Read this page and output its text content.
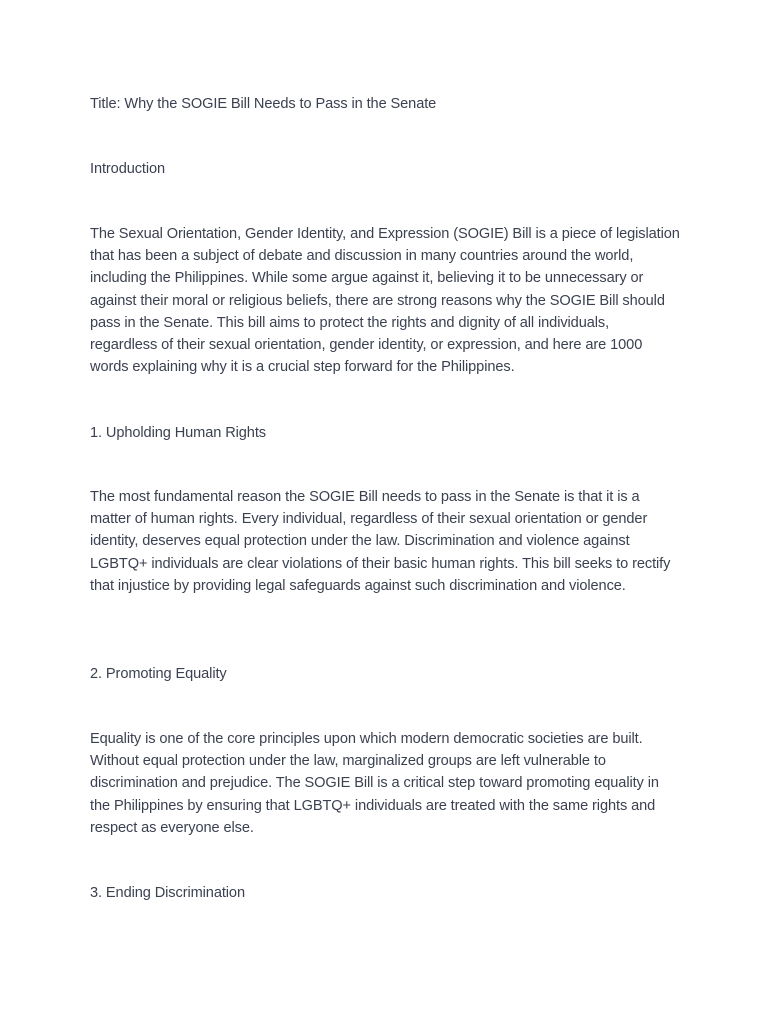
Title: Why the SOGIE Bill Needs to Pass in the Senate

Introduction

The Sexual Orientation, Gender Identity, and Expression (SOGIE) Bill is a piece of legislation that has been a subject of debate and discussion in many countries around the world, including the Philippines. While some argue against it, believing it to be unnecessary or against their moral or religious beliefs, there are strong reasons why the SOGIE Bill should pass in the Senate. This bill aims to protect the rights and dignity of all individuals, regardless of their sexual orientation, gender identity, or expression, and here are 1000 words explaining why it is a crucial step forward for the Philippines.

1. Upholding Human Rights

The most fundamental reason the SOGIE Bill needs to pass in the Senate is that it is a matter of human rights. Every individual, regardless of their sexual orientation or gender identity, deserves equal protection under the law. Discrimination and violence against LGBTQ+ individuals are clear violations of their basic human rights. This bill seeks to rectify that injustice by providing legal safeguards against such discrimination and violence.

2. Promoting Equality

Equality is one of the core principles upon which modern democratic societies are built. Without equal protection under the law, marginalized groups are left vulnerable to discrimination and prejudice. The SOGIE Bill is a critical step toward promoting equality in the Philippines by ensuring that LGBTQ+ individuals are treated with the same rights and respect as everyone else.

3. Ending Discrimination
